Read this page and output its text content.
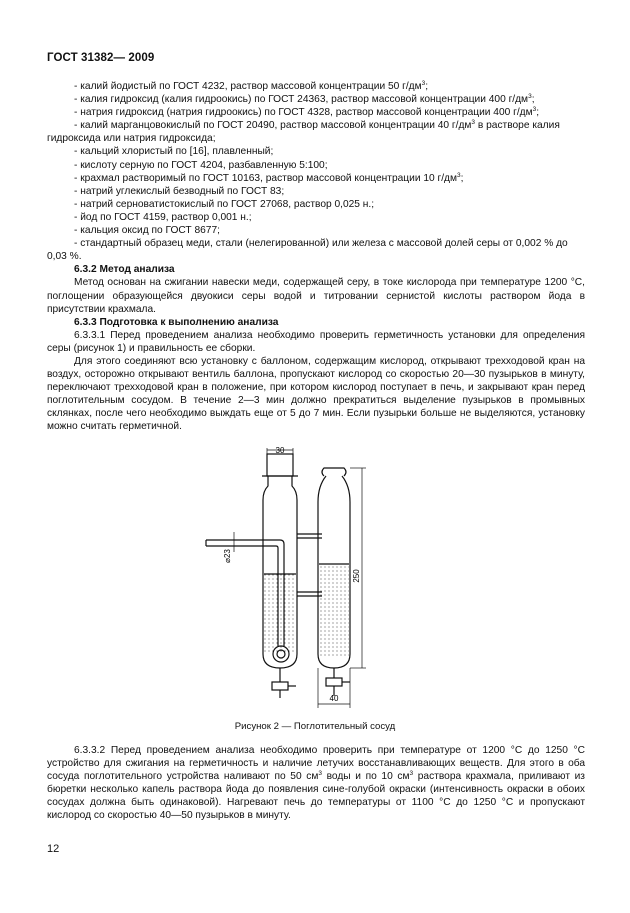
ГОСТ 31382— 2009

- калий йодистый по ГОСТ 4232, раствор массовой концентрации 50 $г/дм^3$;

- калия гидроксид (калия гидроокись) по ГОСТ 24363, раствор массовой концентрации 400 $г/дм^3$;

- натрия гидроксид (натрия гидроокись) по ГОСТ 4328, раствор массовой концентрации 400 $г/дм^3$;

- калий марганцовокислый по ГОСТ 20490, раствор массовой концентрации 40 $г/дм^3$ в растворе калия гидроксида или натрия гидроксида;

- кальций хлористый по [16], плавленный;

- кислоту серную по ГОСТ 4204, разбавленную 5:100;

- крахмал растворимый по ГОСТ 10163, раствор массовой концентрации 10 $г/дм^3$;

- натрий углекислый безводный по ГОСТ 83;

- натрий серноватистокислый по ГОСТ 27068, раствор 0,025 н.;

- йод по ГОСТ 4159, раствор 0,001 н.;

- кальция оксид по ГОСТ 8677;

- стандартный образец меди, стали (нелегированной) или железа с массовой долей серы от 0,002 % до 0,03 %.

6.3.2 Метод анализа

Метод основан на сжигании навески меди, содержащей серу, в токе кислорода при температуре 1200 °С, поглощении образующейся двуокиси серы водой и титровании сернистой кислоты раствором йода в присутствии крахмала.

6.3.3 Подготовка к выполнению анализа

6.3.3.1 Перед проведением анализа необходимо проверить герметичность установки для определения серы (рисунок 1) и правильность ее сборки.

Для этого соединяют всю установку с баллоном, содержащим кислород, открывают трехходовой кран на воздух, осторожно открывают вентиль баллона, пропускают кислород со скоростью 20—30 пузырьков в минуту, переключают трехходовой кран в положение, при котором кислород поступает в печь, и закрывают кран перед поглотительным сосудом. В течение 2—3 мин должно прекратиться выделение пузырьков в промывных склянках, после чего необходимо выждать еще от 5 до 7 мин. Если пузырьки больше не выделяются, установку можно считать герметичной.

30
⌀23
250
40
Рисунок 2 — Поглотительный сосуд

6.3.3.2 Перед проведением анализа необходимо проверить при температуре от 1200 °С до 1250 °С устройство для сжигания на герметичность и наличие летучих восстанавливающих веществ. Для этого в оба сосуда поглотительного устройства наливают по 50 $см^3$ воды и по 10 $см^3$ раствора крахмала, приливают из бюретки несколько капель раствора йода до появления сине-голубой окраски (интенсивность окраски в обоих сосудах должна быть одинаковой). Нагревают печь до температуры от 1100 °С до 1250 °С и пропускают кислород со скоростью 40—50 пузырьков в минуту.

12
